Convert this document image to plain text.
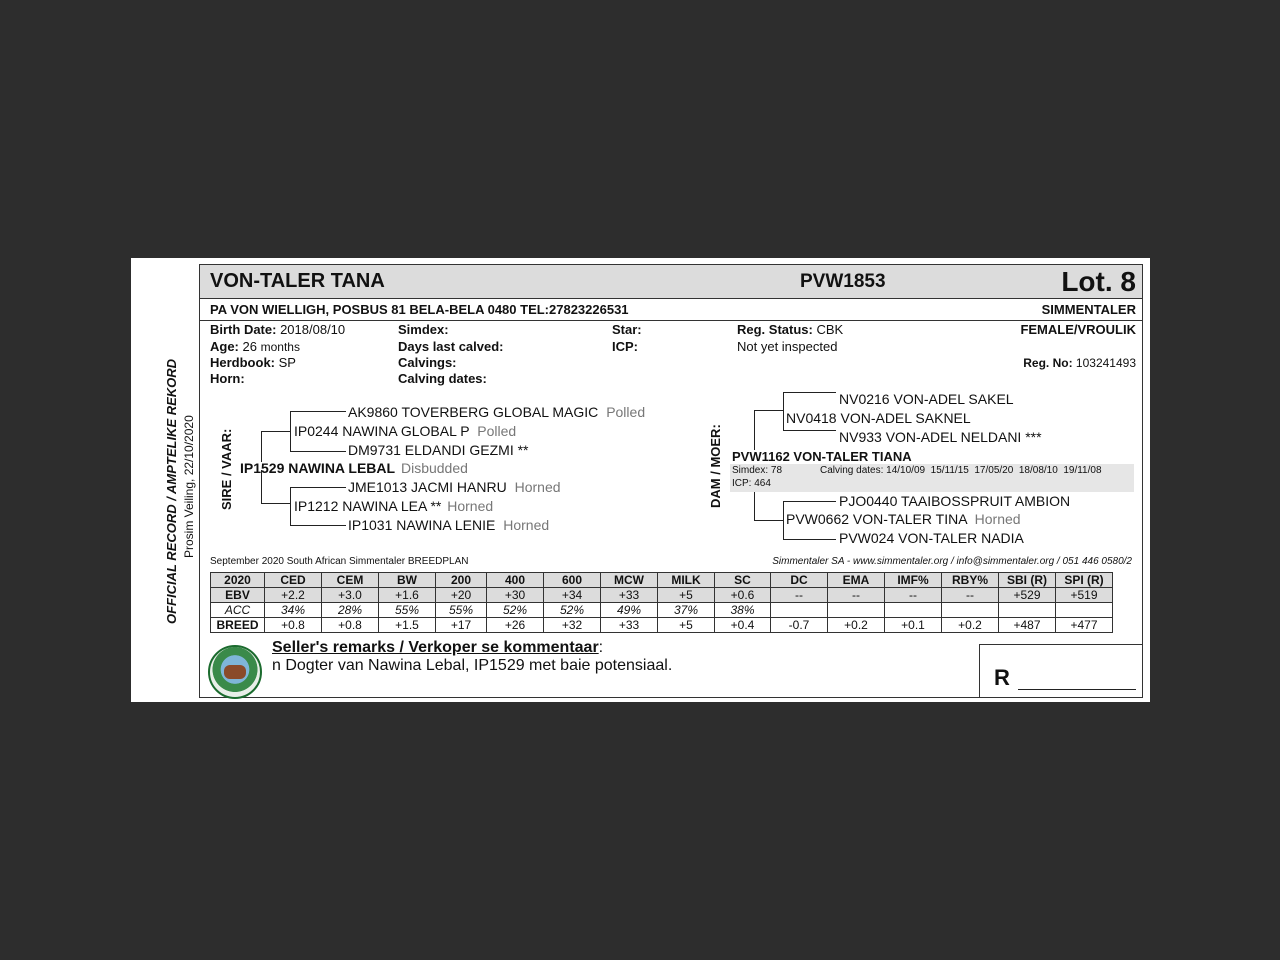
OFFICIAL RECORD / AMPTELIKE REKORD Prosim Veiling, 22/10/2020
VON-TALER TANA	PVW1853	Lot. 8
PA VON WIELLIGH, POSBUS 81 BELA-BELA 0480 TEL:27823226531	SIMMENTALER
Birth Date: 2018/08/10
Age: 26 months
Herdbook: SP
Horn:
Simdex:
Days last calved:
Calvings:
Calving dates:
Star:
ICP:
Reg. Status: CBK
Not yet inspected
FEMALE/VROULIK
Reg. No: 103241493
SIRE / VAAR:
AK9860 TOVERBERG GLOBAL MAGIC Polled
IP0244 NAWINA GLOBAL P Polled
DM9731 ELDANDI GEZMI **
IP1529 NAWINA LEBAL Disbudded
JME1013 JACMI HANRU Horned
IP1212 NAWINA LEA ** Horned
IP1031 NAWINA LENIE Horned
DAM / MOER:
NV0216 VON-ADEL SAKEL
NV0418 VON-ADEL SAKNEL
NV933 VON-ADEL NELDANI ***
PVW1162 VON-TALER TIANA
Simdex: 78	Calving dates: 14/10/09  15/11/15  17/05/20  18/08/10  19/11/08
ICP: 464
PJO0440 TAAIBOSSPRUIT AMBION
PVW0662 VON-TALER TINA Horned
PVW024 VON-TALER NADIA
September 2020 South African Simmentaler BREEDPLAN	Simmentaler SA - www.simmentaler.org / info@simmentaler.org / 051 446 0580/2
2020	CED	CEM	BW	200	400	600	MCW	MILK	SC	DC	EMA	IMF%	RBY%	SBI (R)	SPI (R)
EBV	+2.2	+3.0	+1.6	+20	+30	+34	+33	+5	+0.6	--	--	--	--	+529	+519
ACC	34%	28%	55%	55%	52%	52%	49%	37%	38%						
BREED	+0.8	+0.8	+1.5	+17	+26	+32	+33	+5	+0.4	-0.7	+0.2	+0.1	+0.2	+487	+477
Seller's remarks / Verkoper se kommentaar:
n Dogter van Nawina Lebal, IP1529 met baie potensiaal.	R
